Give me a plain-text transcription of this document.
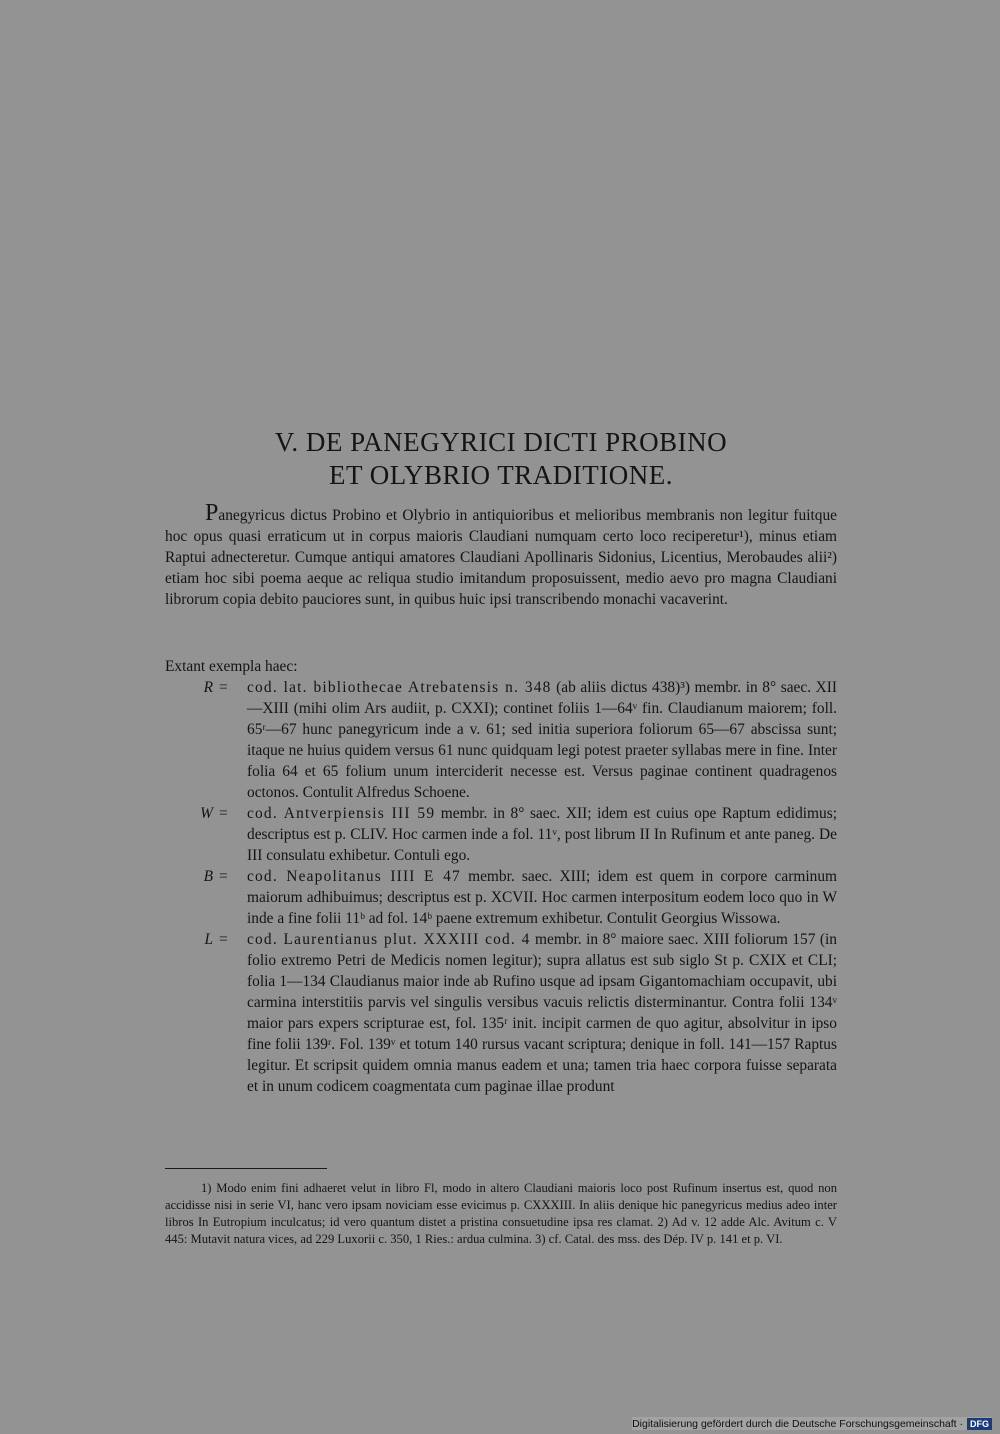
V. DE PANEGYRICI DICTI PROBINO
ET OLYBRIO TRADITIONE.
Panegyricus dictus Probino et Olybrio in antiquioribus et melioribus membranis non legitur fuitque hoc opus quasi erraticum ut in corpus maioris Claudiani numquam certo loco reciperetur¹), minus etiam Raptui adnecteretur. Cumque antiqui amatores Claudiani Apollinaris Sidonius, Licentius, Merobaudes alii²) etiam hoc sibi poema aeque ac reliqua studio imitandum proposuissent, medio aevo pro magna Claudiani librorum copia debito pauciores sunt, in quibus huic ipsi transcribendo monachi vacaverint.
Extant exempla haec:
R =	cod. lat. bibliothecae Atrebatensis n. 348 (ab aliis dictus 438)³) membr. in 8° saec. XII—XIII (mihi olim Ars audiit, p. CXXI); continet foliis 1—64ᵛ fin. Claudianum maiorem; foll. 65ʳ—67 hunc panegyricum inde a v. 61; sed initia superiora foliorum 65—67 abscissa sunt; itaque ne huius quidem versus 61 nunc quidquam legi potest praeter syllabas mere in fine. Inter folia 64 et 65 folium unum interciderit necesse est. Versus paginae continent quadragenos octonos. Contulit Alfredus Schoene.
W =	cod. Antverpiensis III 59 membr. in 8° saec. XII; idem est cuius ope Raptum edidimus; descriptus est p. CLIV. Hoc carmen inde a fol. 11ᵛ, post librum II In Rufinum et ante paneg. De III consulatu exhibetur. Contuli ego.
B =	cod. Neapolitanus IIII E 47 membr. saec. XIII; idem est quem in corpore carminum maiorum adhibuimus; descriptus est p. XCVII. Hoc carmen interpositum eodem loco quo in W inde a fine folii 11ᵇ ad fol. 14ᵇ paene extremum exhibetur. Contulit Georgius Wissowa.
L =	cod. Laurentianus plut. XXXIII cod. 4 membr. in 8° maiore saec. XIII foliorum 157 (in folio extremo Petri de Medicis nomen legitur); supra allatus est sub siglo St p. CXIX et CLI; folia 1—134 Claudianus maior inde ab Rufino usque ad ipsam Gigantomachiam occupavit, ubi carmina interstitiis parvis vel singulis versibus vacuis relictis disterminantur. Contra folii 134ᵛ maior pars expers scripturae est, fol. 135ʳ init. incipit carmen de quo agitur, absolvitur in ipso fine folii 139ʳ. Fol. 139ᵛ et totum 140 rursus vacant scriptura; denique in foll. 141—157 Raptus legitur. Et scripsit quidem omnia manus eadem et una; tamen tria haec corpora fuisse separata et in unum codicem coagmentata cum paginae illae produnt
1) Modo enim fini adhaeret velut in libro Fl, modo in altero Claudiani maioris loco post Rufinum insertus est, quod non accidisse nisi in serie VI, hanc vero ipsam noviciam esse evicimus p. CXXXIII. In aliis denique hic panegyricus medius adeo inter libros In Eutropium inculcatus; id vero quantum distet a pristina consuetudine ipsa res clamat. 2) Ad v. 12 adde Alc. Avitum c. V 445: Mutavit natura vices, ad 229 Luxorii c. 350, 1 Ries.: ardua culmina. 3) cf. Catal. des mss. des Dép. IV p. 141 et p. VI.
Digitalisierung gefördert durch die Deutsche Forschungsgemeinschaft · DFG
